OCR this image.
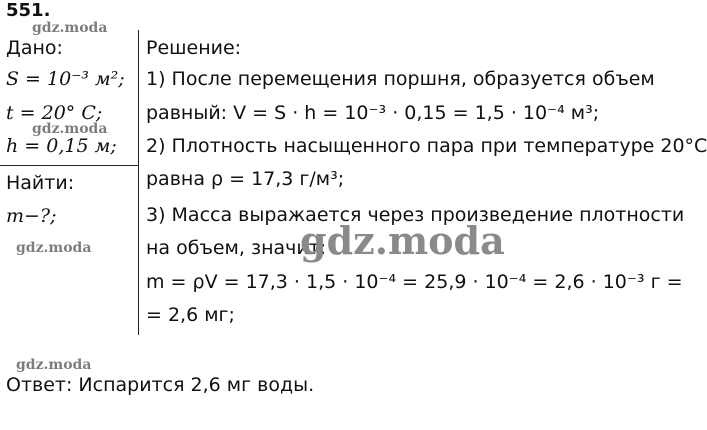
551.
Дано:
S = 10⁻³ м²;
t = 20° C;
h = 0,15 м;
Найти:
m−?;
Решение:
1) После перемещения поршня, образуется объем
равный: V = S · h = 10⁻³ · 0,15 = 1,5 · 10⁻⁴ м³;
2) Плотность насыщенного пара при температуре 20°C
равна ρ = 17,3 г/м³;
3) Масса выражается через произведение плотности
на объем, значит:
m = ρV = 17,3 · 1,5 · 10⁻⁴ = 25,9 · 10⁻⁴ = 2,6 · 10⁻³ г =
= 2,6 мг;
Ответ: Испарится 2,6 мг воды.
gdz.moda
gdz.moda
gdz.moda
gdz.moda
gdz.moda
